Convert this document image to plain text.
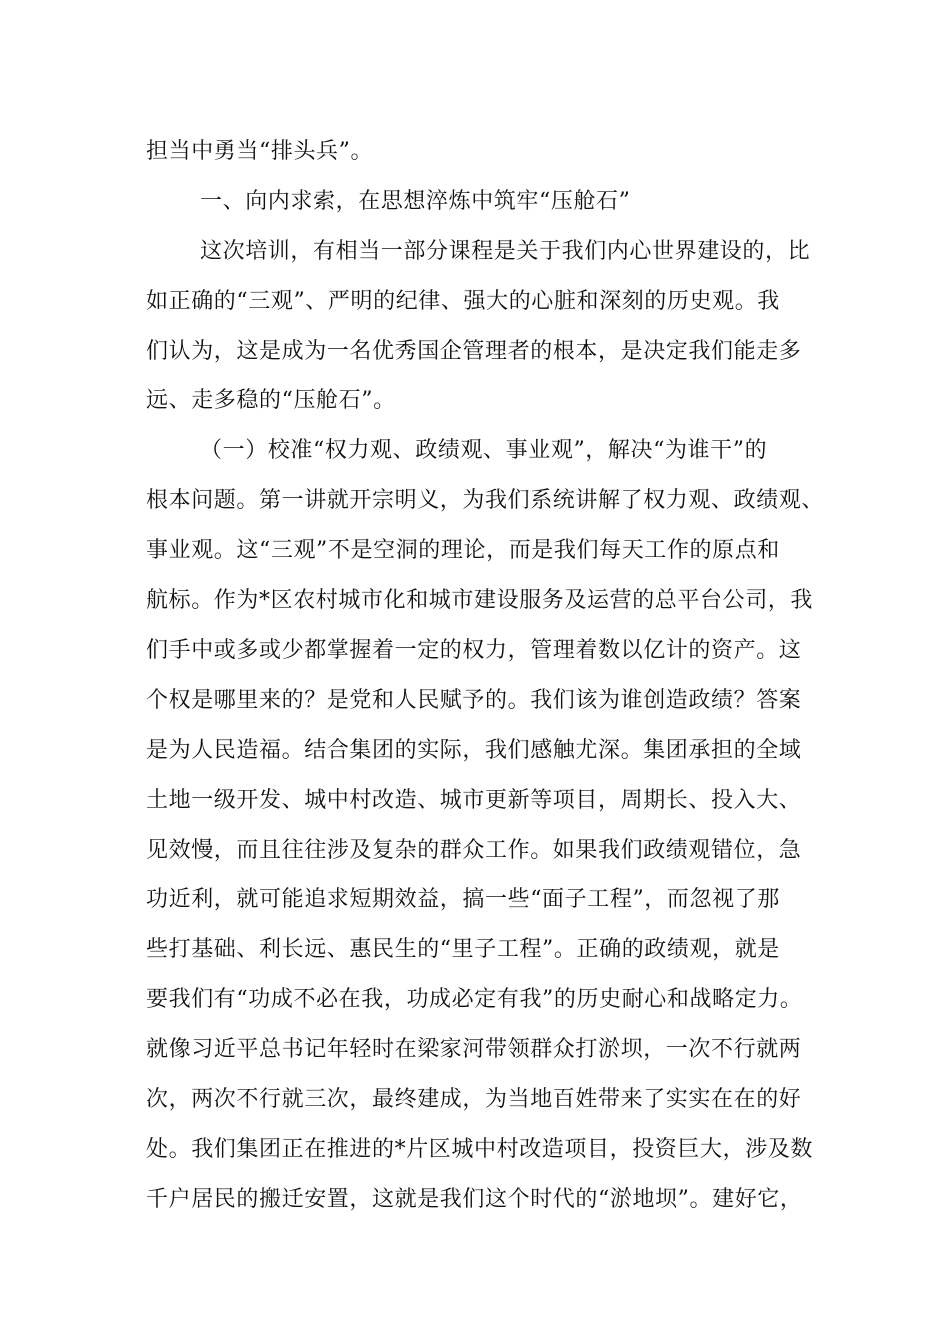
担当中勇当“排头兵”。
一、向内求索，在思想淬炼中筑牢“压舱石”
这次培训，有相当一部分课程是关于我们内心世界建设的，比
如正确的“三观”、严明的纪律、强大的心脏和深刻的历史观。我
们认为，这是成为一名优秀国企管理者的根本，是决定我们能走多
远、走多稳的“压舱石”。
（一）校准“权力观、政绩观、事业观”，解决“为谁干”的
根本问题。第一讲就开宗明义，为我们系统讲解了权力观、政绩观、
事业观。这“三观”不是空洞的理论，而是我们每天工作的原点和
航标。作为*区农村城市化和城市建设服务及运营的总平台公司，我
们手中或多或少都掌握着一定的权力，管理着数以亿计的资产。这
个权是哪里来的？是党和人民赋予的。我们该为谁创造政绩？答案
是为人民造福。结合集团的实际，我们感触尤深。集团承担的全域
土地一级开发、城中村改造、城市更新等项目，周期长、投入大、
见效慢，而且往往涉及复杂的群众工作。如果我们政绩观错位，急
功近利，就可能追求短期效益，搞一些“面子工程”，而忽视了那
些打基础、利长远、惠民生的“里子工程”。正确的政绩观，就是
要我们有“功成不必在我，功成必定有我”的历史耐心和战略定力。
就像习近平总书记年轻时在梁家河带领群众打淤坝，一次不行就两
次，两次不行就三次，最终建成，为当地百姓带来了实实在在的好
处。我们集团正在推进的*片区城中村改造项目，投资巨大，涉及数
千户居民的搬迁安置，这就是我们这个时代的“淤地坝”。建好它，
